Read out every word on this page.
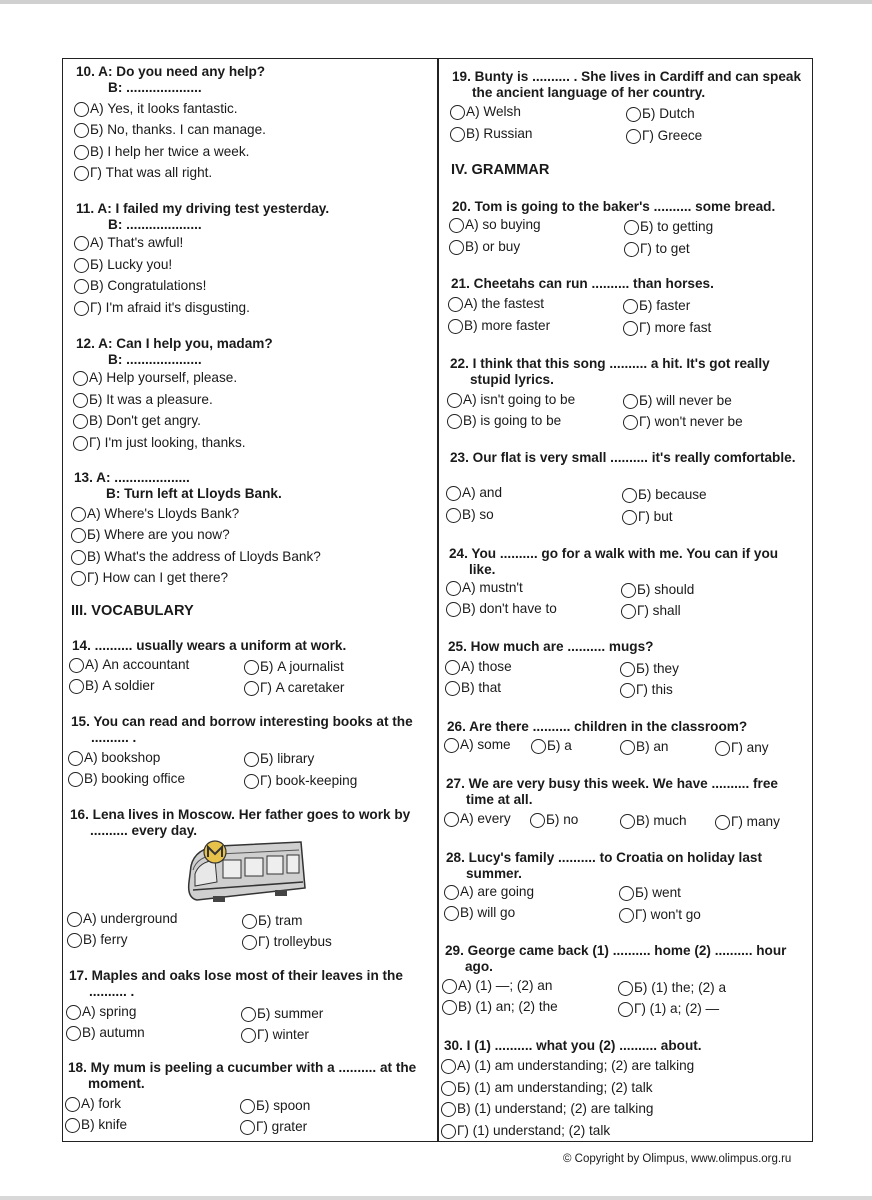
10. A: Do you need any help?
B: ....................
А) Yes, it looks fantastic.
Б) No, thanks. I can manage.
В) I help her twice a week.
Г) That was all right.
11. A: I failed my driving test yesterday.
B: ....................
А) That's awful!
Б) Lucky you!
В) Congratulations!
Г) I'm afraid it's disgusting.
12. A: Can I help you, madam?
B: ....................
А) Help yourself, please.
Б) It was a pleasure.
В) Don't get angry.
Г) I'm just looking, thanks.
13. A: ....................
B: Turn left at Lloyds Bank.
А) Where's Lloyds Bank?
Б) Where are you now?
В) What's the address of Lloyds Bank?
Г) How can I get there?
III. VOCABULARY
14. .......... usually wears a uniform at work.
А) An accountant	Б) A journalist
В) A soldier	Г) A caretaker
15. You can read and borrow interesting books at the .......... .
А) bookshop	Б) library
В) booking office	Г) book-keeping
16. Lena lives in Moscow. Her father goes to work by .......... every day.
А) underground	Б) tram
В) ferry	Г) trolleybus
17. Maples and oaks lose most of their leaves in the .......... .
А) spring	Б) summer
В) autumn	Г) winter
18. My mum is peeling a cucumber with a .......... at the moment.
А) fork	Б) spoon
В) knife	Г) grater
19. Bunty is .......... . She lives in Cardiff and can speak the ancient language of her country.
А) Welsh	Б) Dutch
В) Russian	Г) Greece
IV. GRAMMAR
20. Tom is going to the baker's .......... some bread.
А) so buying	Б) to getting
В) or buy	Г) to get
21. Cheetahs can run .......... than horses.
А) the fastest	Б) faster
В) more faster	Г) more fast
22. I think that this song .......... a hit. It's got really stupid lyrics.
А) isn't going to be	Б) will never be
В) is going to be	Г) won't never be
23. Our flat is very small .......... it's really comfortable.
А) and	Б) because
В) so	Г) but
24. You .......... go for a walk with me. You can if you like.
А) mustn't	Б) should
В) don't have to	Г) shall
25. How much are .......... mugs?
А) those	Б) they
В) that	Г) this
26. Are there .......... children in the classroom?
А) some	Б) a	В) an	Г) any
27. We are very busy this week. We have .......... free time at all.
А) every	Б) no	В) much	Г) many
28. Lucy's family .......... to Croatia on holiday last summer.
А) are going	Б) went
В) will go	Г) won't go
29. George came back (1) .......... home (2) .......... hour ago.
А) (1) —; (2) an	Б) (1) the; (2) a
В) (1) an; (2) the	Г) (1) a; (2) —
30. I (1) .......... what you (2) .......... about.
А) (1) am understanding; (2) are talking
Б) (1) am understanding; (2) talk
В) (1) understand; (2) are talking
Г) (1) understand; (2) talk
© Copyright by Olimpus, www.olimpus.org.ru
